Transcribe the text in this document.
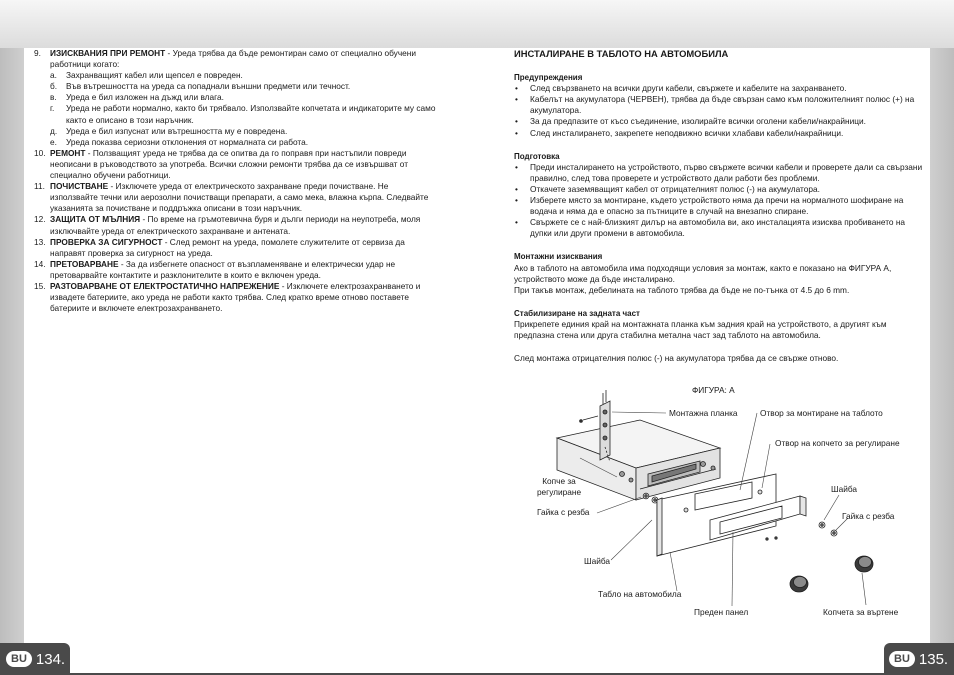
9. ИЗИСКВАНИЯ ПРИ РЕМОНТ - Уреда трябва да бъде ремонтиран само от специално обучени работници когато:
а. Захранващият кабел или щепсел е повреден.
б. Във вътрешността на уреда са попаднали външни предмети или течност.
в. Уреда е бил изложен на дъжд или влага.
г. Уреда не работи нормално, както би трябвало. Използвайте копчетата и индикаторите му само както е описано в този наръчник.
д. Уреда е бил изпуснат или вътрешността му е повредена.
е. Уреда показва сериозни отклонения от нормалната си работа.
10. РЕМОНТ - Ползващият уреда не трябва да се опитва да го поправя при настъпили повреди неописани в ръководството за употреба. Всички сложни ремонти трябва да се извършват от специално обучени работници.
11. ПОЧИСТВАНЕ - Изключете уреда от електрическото захранване преди почистване. Не използвайте течни или аерозолни почистващи препарати, а само мека, влажна кърпа. Следвайте указанията за почистване и поддръжка описани в този наръчник.
12. ЗАЩИТА ОТ МЪЛНИЯ - По време на гръмотевична буря и дълги периоди на неупотреба, моля изключвайте уреда от електрическото захранване и антената.
13. ПРОВЕРКА ЗА СИГУРНОСТ - След ремонт на уреда, помолете служителите от сервиза да направят проверка за сигурност на уреда.
14. ПРЕТОВАРВАНЕ - За да избегнете опасност от възпламеняване и електрически удар не претоварвайте контактите и разклонителите в които е включен уреда.
15. РАЗТОВАРВАНЕ ОТ ЕЛЕКТРОСТАТИЧНО НАПРЕЖЕНИЕ - Изключете електрозахранването и извадете батериите, ако уреда не работи както трябва. След кратко време отново поставете батериите и включете електрозахранването.
ИНСТАЛИРАНЕ В ТАБЛОТО НА АВТОМОБИЛА
Предупреждения
• След свързването на всички други кабели, свържете и кабелите на захранването.
• Кабелът на акумулатора (ЧЕРВЕН), трябва да бъде свързан само към положителният полюс (+) на акумулатора.
• За да предпазите от късо съединение, изолирайте всички оголени кабели/накрайници.
• След инсталирането, закрепете неподвижно всички хлабави кабели/накрайници.
Подготовка
• Преди инсталирането на устройството, първо свържете всички кабели и проверете дали са свързани правилно, след това проверете и устройството дали работи без проблеми.
• Откачете заземяващият кабел от отрицателният полюс (-) на акумулатора.
• Изберете място за монтиране, където устройството няма да пречи на нормалното шофиране на водача и няма да е опасно за пътниците в случай на внезапно спиране.
• Свържете се с най-близкият дилър на автомобила ви, ако инсталацията изисква пробиването на дупки или други промени в автомобила.
Монтажни изисквания
Ако в таблото на автомобила има подходящи условия за монтаж, както е показано на ФИГУРА А, устройството може да бъде инсталирано.
При такъв монтаж, дебелината на таблото трябва да бъде не по-тънка от 4.5 до 6 mm.
Стабилизиране на задната част
Прикрепете единия край на монтажната планка към задния край на устройството, а другият към предпазна стена или друга стабилна метална част зад таблото на автомобила.
След монтажа отрицателния полюс (-) на акумулатора трябва да се свърже отново.
ФИГУРА: А
Монтажна планка	Отвор за монтиране на таблото
Отвор на копчето за регулиране
Копче за регулиране
Гайка с резба
Шайба
Гайка с резба
Шайба
Табло на автомобила
Преден панел	Копчета за въртене
BU 134.	BU 135.
